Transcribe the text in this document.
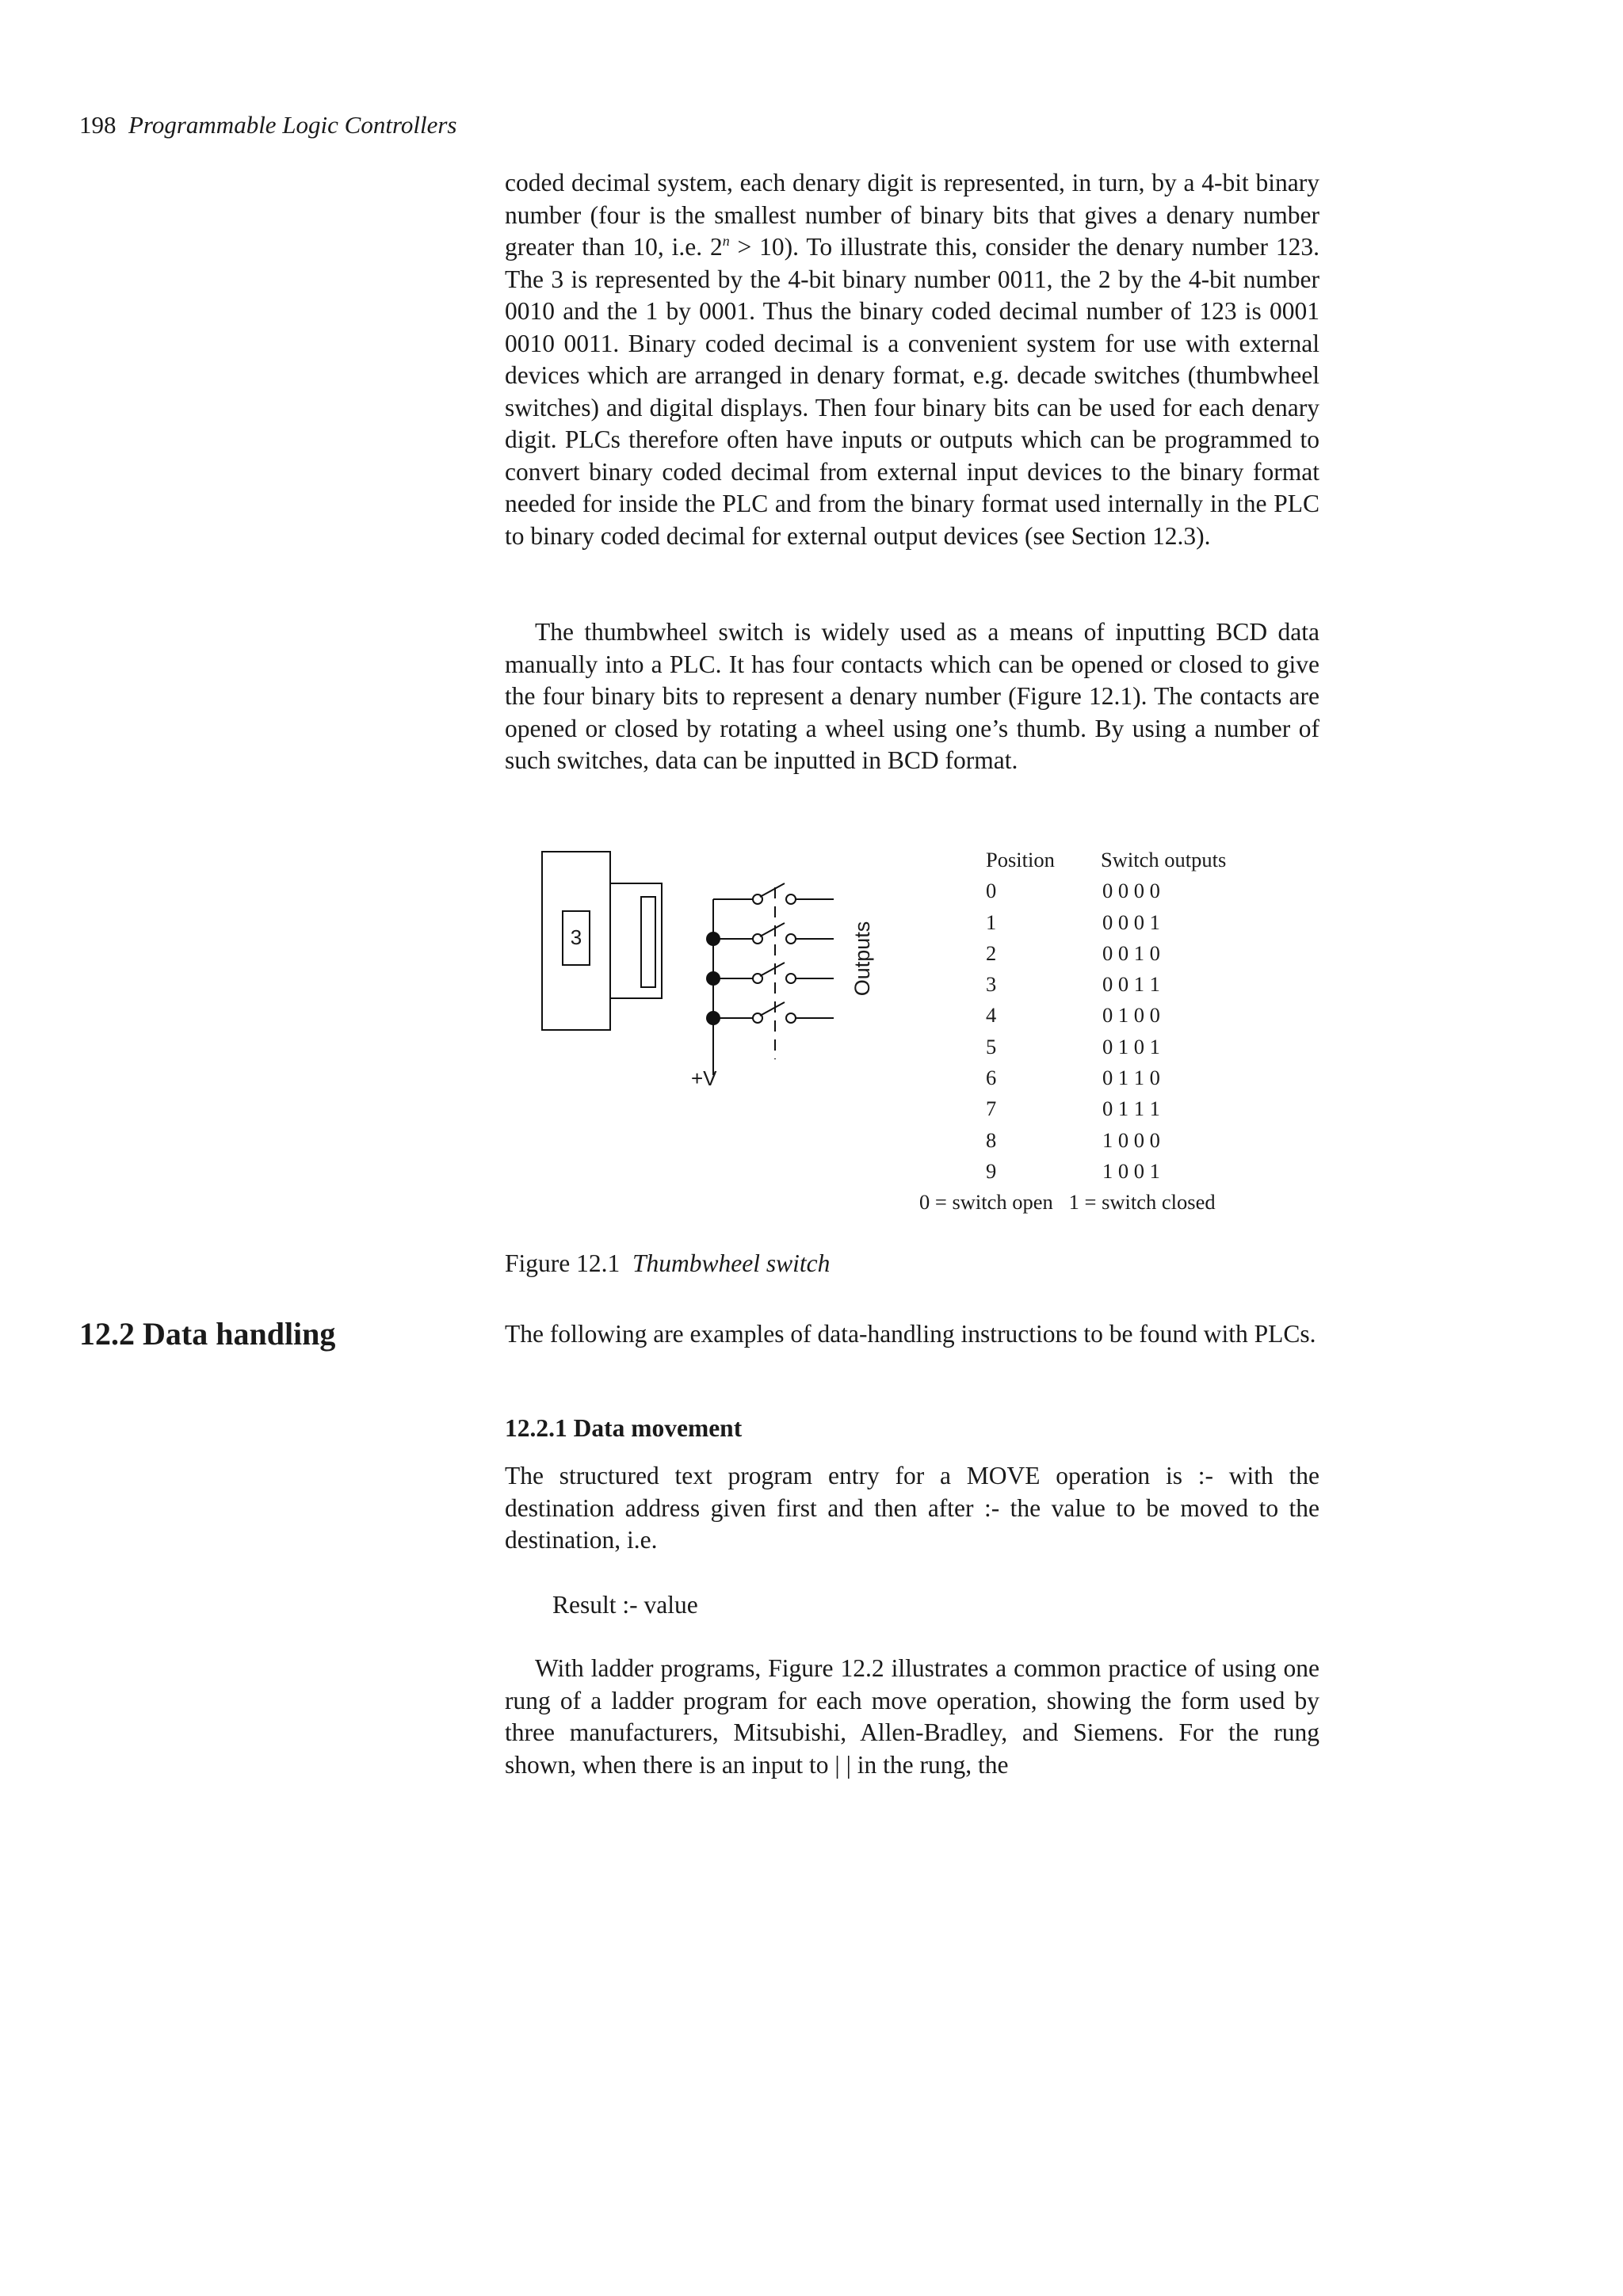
198 Programmable Logic Controllers

coded decimal system, each denary digit is represented, in turn, by a 4-bit binary number (four is the smallest number of binary bits that gives a denary number greater than 10, i.e. $2^n > 10$). To illustrate this, consider the denary number 123. The 3 is represented by the 4-bit binary number 0011, the 2 by the 4-bit number 0010 and the 1 by 0001. Thus the binary coded decimal number of 123 is 0001 0010 0011. Binary coded decimal is a convenient system for use with external devices which are arranged in denary format, e.g. decade switches (thumbwheel switches) and digital displays. Then four binary bits can be used for each denary digit. PLCs therefore often have inputs or outputs which can be programmed to convert binary coded decimal from external input devices to the binary format needed for inside the PLC and from the binary format used internally in the PLC to binary coded decimal for external output devices (see Section 12.3).

The thumbwheel switch is widely used as a means of inputting BCD data manually into a PLC. It has four contacts which can be opened or closed to give the four binary bits to represent a denary number (Figure 12.1). The contacts are opened or closed by rotating a wheel using one’s thumb. By using a number of such switches, data can be inputted in BCD format.

3
+V
Outputs
Position
0
1
2
3
4
5
6
7
8
9
Switch outputs
0 0 0 0
0 0 0 1
0 0 1 0
0 0 1 1
0 1 0 0
0 1 0 1
0 1 1 0
0 1 1 1
1 0 0 0
1 0 0 1
0 = switch open   1 = switch closed
Figure 12.1 Thumbwheel switch
12.2 Data handling	The following are examples of data-handling instructions to be found with PLCs.

12.2.1 Data movement

The structured text program entry for a MOVE operation is :- with the destination address given first and then after :- the value to be moved to the destination, i.e.

Result :- value

With ladder programs, Figure 12.2 illustrates a common practice of using one rung of a ladder program for each move operation, showing the form used by three manufacturers, Mitsubishi, Allen-Bradley, and Siemens. For the rung shown, when there is an input to | | in the rung, the
